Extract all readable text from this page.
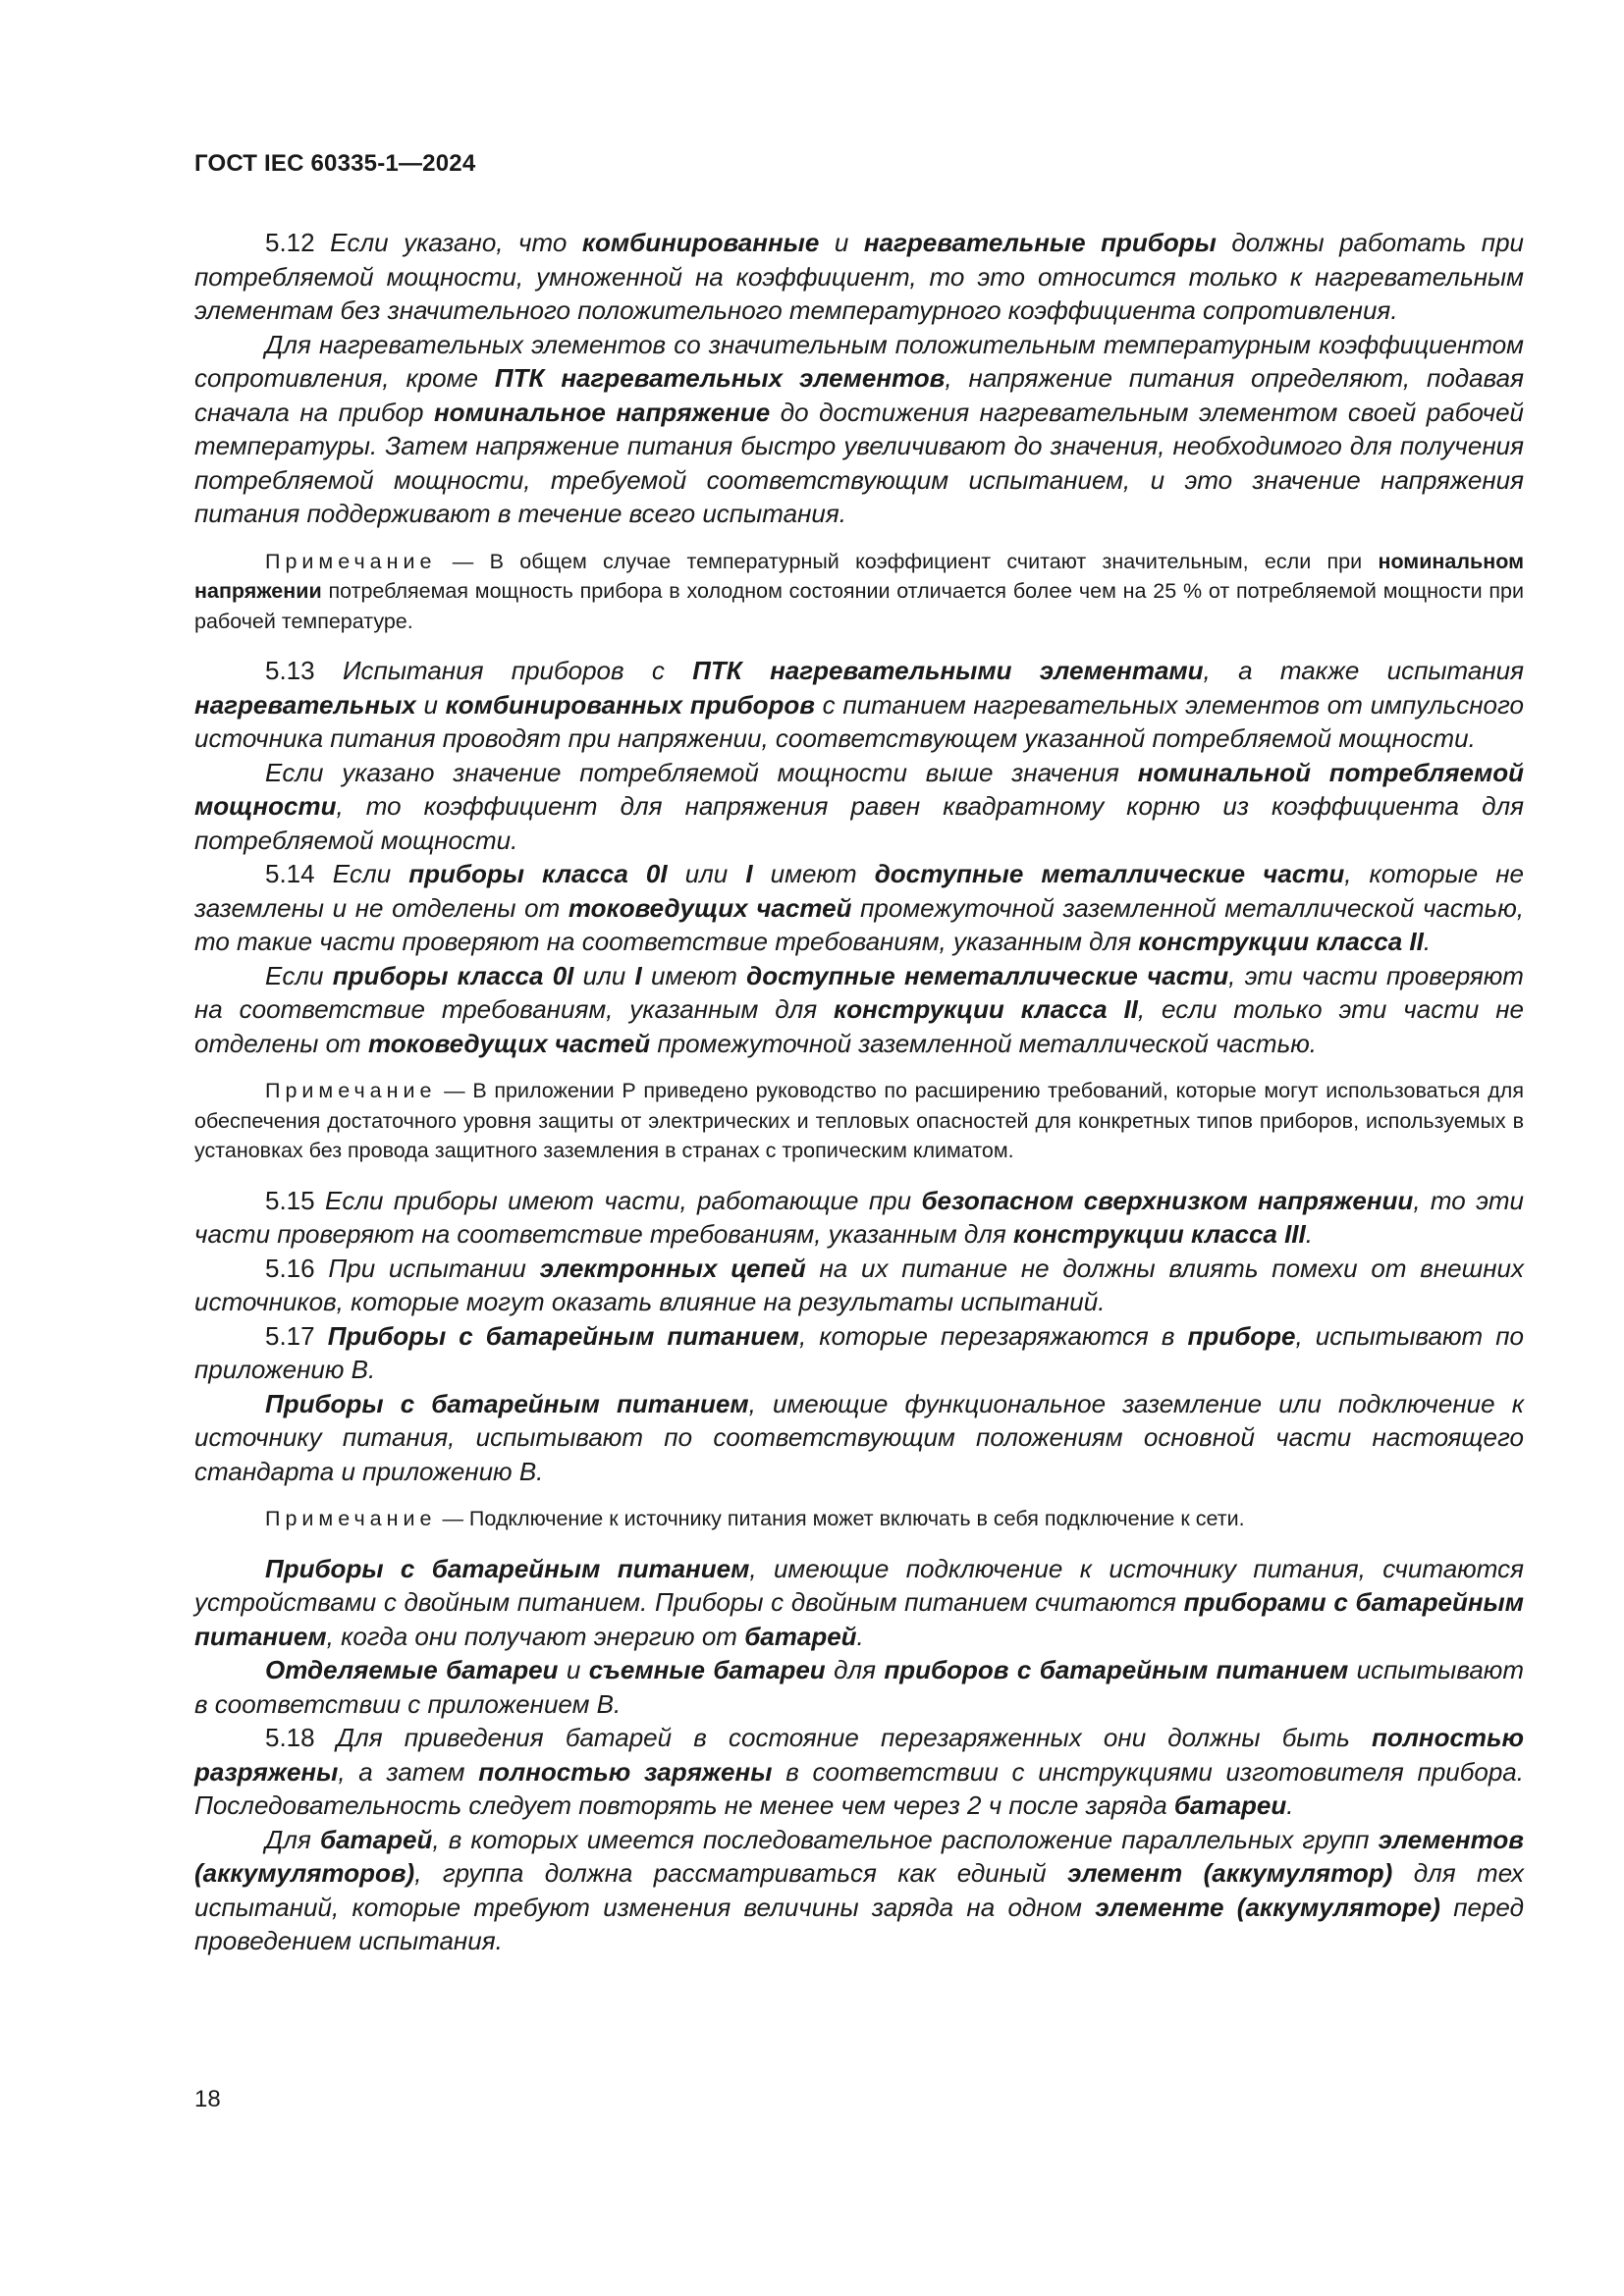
ГОСТ IEC 60335-1—2024

5.12 Если указано, что комбинированные и нагревательные приборы должны работать при потребляемой мощности, умноженной на коэффициент, то это относится только к нагревательным элементам без значительного положительного температурного коэффициента сопротивления.

Для нагревательных элементов со значительным положительным температурным коэффициентом сопротивления, кроме ПТК нагревательных элементов, напряжение питания определяют, подавая сначала на прибор номинальное напряжение до достижения нагревательным элементом своей рабочей температуры. Затем напряжение питания быстро увеличивают до значения, необходимого для получения потребляемой мощности, требуемой соответствующим испытанием, и это значение напряжения питания поддерживают в течение всего испытания.

Примечание — В общем случае температурный коэффициент считают значительным, если при номинальном напряжении потребляемая мощность прибора в холодном состоянии отличается более чем на 25 % от потребляемой мощности при рабочей температуре.

5.13 Испытания приборов с ПТК нагревательными элементами, а также испытания нагревательных и комбинированных приборов с питанием нагревательных элементов от импульсного источника питания проводят при напряжении, соответствующем указанной потребляемой мощности.

Если указано значение потребляемой мощности выше значения номинальной потребляемой мощности, то коэффициент для напряжения равен квадратному корню из коэффициента для потребляемой мощности.

5.14 Если приборы класса 0I или I имеют доступные металлические части, которые не заземлены и не отделены от токоведущих частей промежуточной заземленной металлической частью, то такие части проверяют на соответствие требованиям, указанным для конструкции класса II.

Если приборы класса 0I или I имеют доступные неметаллические части, эти части проверяют на соответствие требованиям, указанным для конструкции класса II, если только эти части не отделены от токоведущих частей промежуточной заземленной металлической частью.

Примечание — В приложении Р приведено руководство по расширению требований, которые могут использоваться для обеспечения достаточного уровня защиты от электрических и тепловых опасностей для конкретных типов приборов, используемых в установках без провода защитного заземления в странах с тропическим климатом.

5.15 Если приборы имеют части, работающие при безопасном сверхнизком напряжении, то эти части проверяют на соответствие требованиям, указанным для конструкции класса III.

5.16 При испытании электронных цепей на их питание не должны влиять помехи от внешних источников, которые могут оказать влияние на результаты испытаний.

5.17 Приборы с батарейным питанием, которые перезаряжаются в приборе, испытывают по приложению В.

Приборы с батарейным питанием, имеющие функциональное заземление или подключение к источнику питания, испытывают по соответствующим положениям основной части настоящего стандарта и приложению В.

Примечание — Подключение к источнику питания может включать в себя подключение к сети.

Приборы с батарейным питанием, имеющие подключение к источнику питания, считаются устройствами с двойным питанием. Приборы с двойным питанием считаются приборами с батарейным питанием, когда они получают энергию от батарей.

Отделяемые батареи и съемные батареи для приборов с батарейным питанием испытывают в соответствии с приложением В.

5.18 Для приведения батарей в состояние перезаряженных они должны быть полностью разряжены, а затем полностью заряжены в соответствии с инструкциями изготовителя прибора. Последовательность следует повторять не менее чем через 2 ч после заряда батареи.

Для батарей, в которых имеется последовательное расположение параллельных групп элементов (аккумуляторов), группа должна рассматриваться как единый элемент (аккумулятор) для тех испытаний, которые требуют изменения величины заряда на одном элементе (аккумуляторе) перед проведением испытания.

18
